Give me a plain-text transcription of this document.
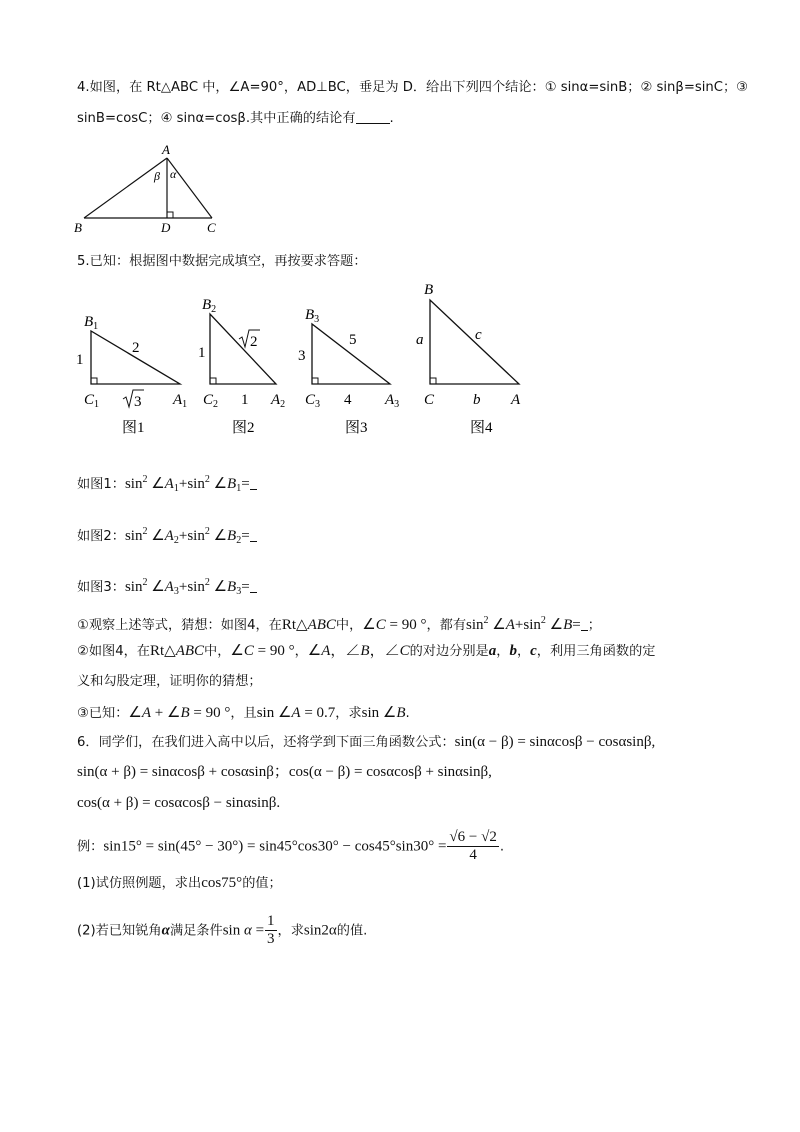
4.如图，在 Rt△ABC 中，∠A=90°，AD⊥BC，垂足为 D．给出下列四个结论：① sinα=sinB；② sinβ=sinC；③
sinB=cosC；④ sinα=cosβ.其中正确的结论有	.
A
B	D	C
β α
5.已知：根据图中数据完成填空，再按要求答题：
$B_1$
$C_1$	$A_1$
1
2
3
图1
$B_2$
$C_2$	$A_2$
1
2
1
图2
$B_3$
$C_3$	$A_3$
3
5
4
图3
B
C	A
a	c
b
图4
如图1：$\sin^2$ $\angle A_1+\sin^2$ $\angle B_1=$
如图2：$\sin^2$ $\angle A_2+\sin^2$ $\angle B_2=$
如图3：$\sin^2$ $\angle A_3+\sin^2$ $\angle B_3=$
①观察上述等式，猜想：如图4，在Rt△ABC中，∠C = 90 °，都有$\sin^2$ $\angle A+\sin^2$ ∠B= ；
②如图4，在Rt△ABC中，∠C = 90 °，∠A，∠B，∠C的对边分别是a，b，c，利用三角函数的定
义和勾股定理，证明你的猜想；
③已知：∠A + ∠B = 90 °，且sin ∠A = 0.7，求sin ∠B.
6．同学们，在我们进入高中以后，还将学到下面三角函数公式：sin(α − β) = sinαcosβ − cosαsinβ,
sin(α + β) = sinαcosβ + cosαsinβ；cos(α − β) = cosαcosβ + sinαsinβ,
cos(α + β) = cosαcosβ − sinαsinβ.
例：$\sin 15^\circ = \sin(45^\circ - 30^\circ) = \sin 45^\circ\cos 30^\circ - \cos 45^\circ\sin 30^\circ = \frac{√6 - √2}{4}$ .
(1)试仿照例题，求出cos75°的值；
(2)若已知锐角α满足条件$\sin \alpha = \frac{1}{3}$ ，求sin2α的值.
